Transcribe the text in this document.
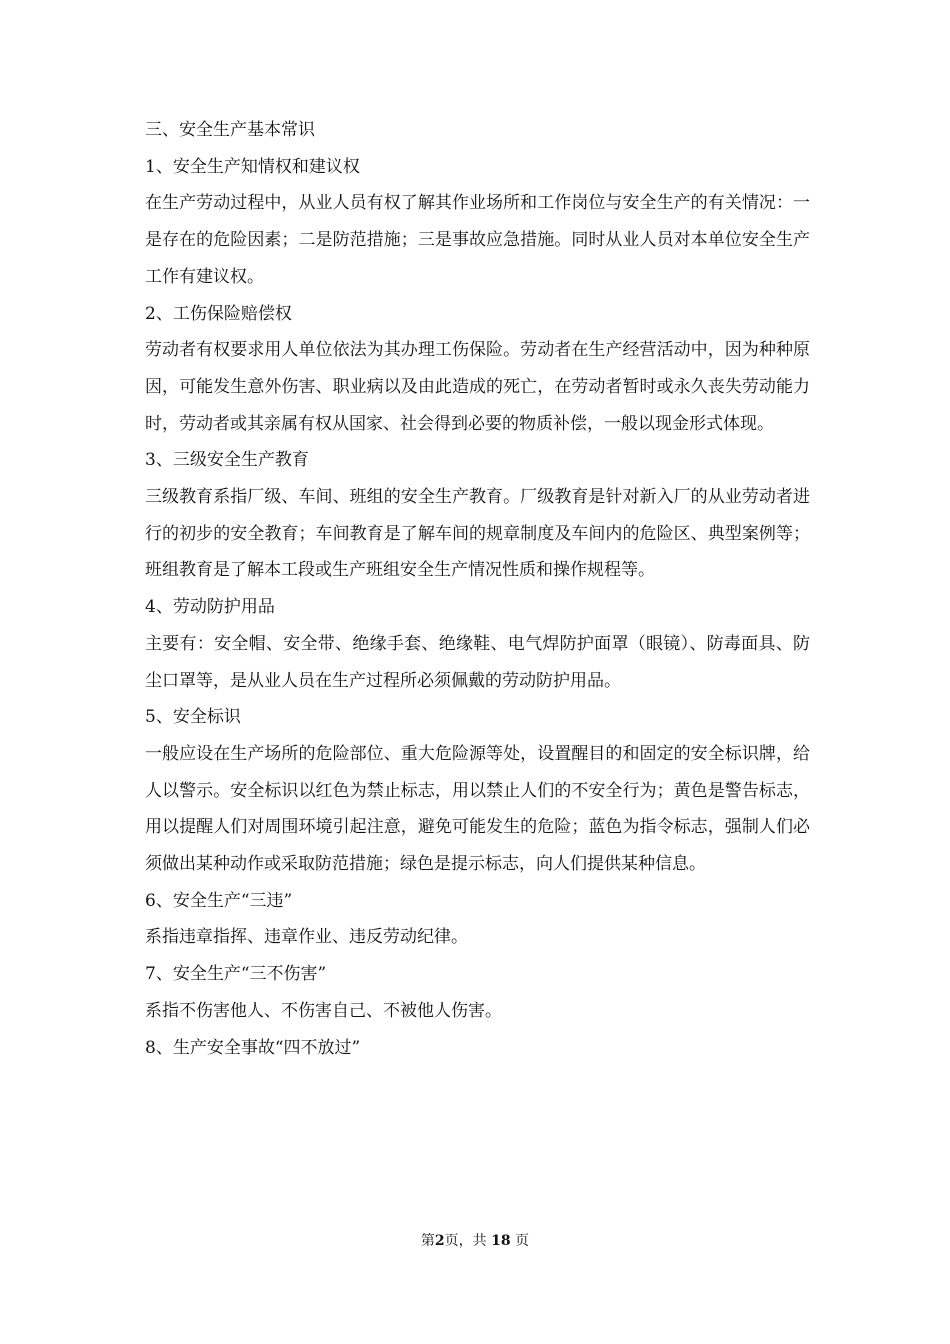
三、安全生产基本常识

1、安全生产知情权和建议权

在生产劳动过程中，从业人员有权了解其作业场所和工作岗位与安全生产的有关情况：一是存在的危险因素；二是防范措施；三是事故应急措施。同时从业人员对本单位安全生产工作有建议权。

2、工伤保险赔偿权

劳动者有权要求用人单位依法为其办理工伤保险。劳动者在生产经营活动中，因为种种原因，可能发生意外伤害、职业病以及由此造成的死亡，在劳动者暂时或永久丧失劳动能力时，劳动者或其亲属有权从国家、社会得到必要的物质补偿，一般以现金形式体现。

3、三级安全生产教育

三级教育系指厂级、车间、班组的安全生产教育。厂级教育是针对新入厂的从业劳动者进行的初步的安全教育；车间教育是了解车间的规章制度及车间内的危险区、典型案例等；班组教育是了解本工段或生产班组安全生产情况性质和操作规程等。

4、劳动防护用品

主要有：安全帽、安全带、绝缘手套、绝缘鞋、电气焊防护面罩（眼镜）、防毒面具、防尘口罩等，是从业人员在生产过程所必须佩戴的劳动防护用品。

5、安全标识

一般应设在生产场所的危险部位、重大危险源等处，设置醒目的和固定的安全标识牌，给人以警示。安全标识以红色为禁止标志，用以禁止人们的不安全行为；黄色是警告标志，用以提醒人们对周围环境引起注意，避免可能发生的危险；蓝色为指令标志，强制人们必须做出某种动作或采取防范措施；绿色是提示标志，向人们提供某种信息。

6、安全生产“三违”

系指违章指挥、违章作业、违反劳动纪律。

7、安全生产“三不伤害”

系指不伤害他人、不伤害自己、不被他人伤害。

8、生产安全事故“四不放过”

第2页，共 18 页
